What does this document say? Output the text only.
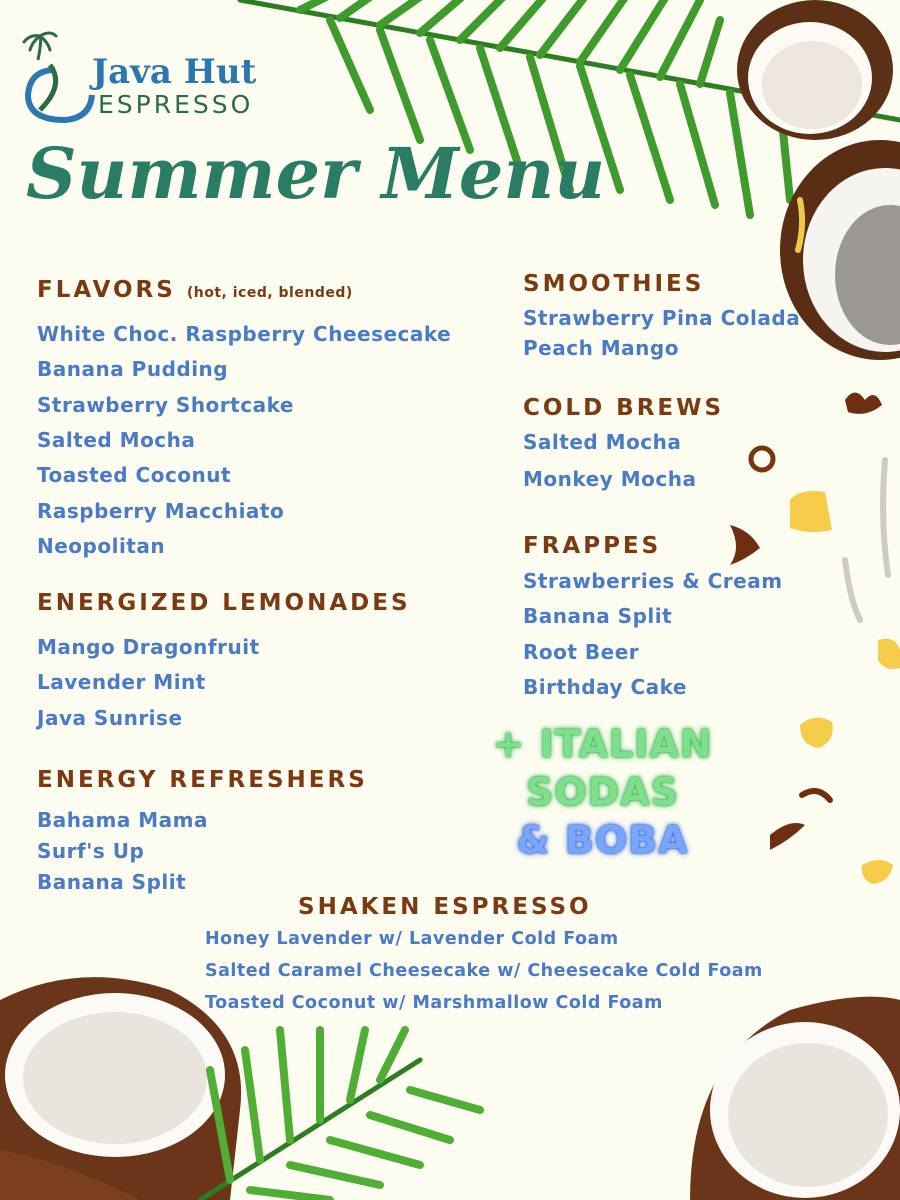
Java Hut
ESPRESSO
Summer Menu
FLAVORS (hot, iced, blended)
White Choc. Raspberry Cheesecake
Banana Pudding
Strawberry Shortcake
Salted Mocha
Toasted Coconut
Raspberry Macchiato
Neopolitan
ENERGIZED LEMONADES
Mango Dragonfruit
Lavender Mint
Java Sunrise
ENERGY REFRESHERS
Bahama Mama
Surf's Up
Banana Split
SMOOTHIES
Strawberry Pina Colada
Peach Mango
COLD BREWS
Salted Mocha
Monkey Mocha
FRAPPES
Strawberries & Cream
Banana Split
Root Beer
Birthday Cake
+ ITALIAN
SODAS
& BOBA
SHAKEN ESPRESSO
Honey Lavender w/ Lavender Cold Foam
Salted Caramel Cheesecake w/ Cheesecake Cold Foam
Toasted Coconut w/ Marshmallow Cold Foam
